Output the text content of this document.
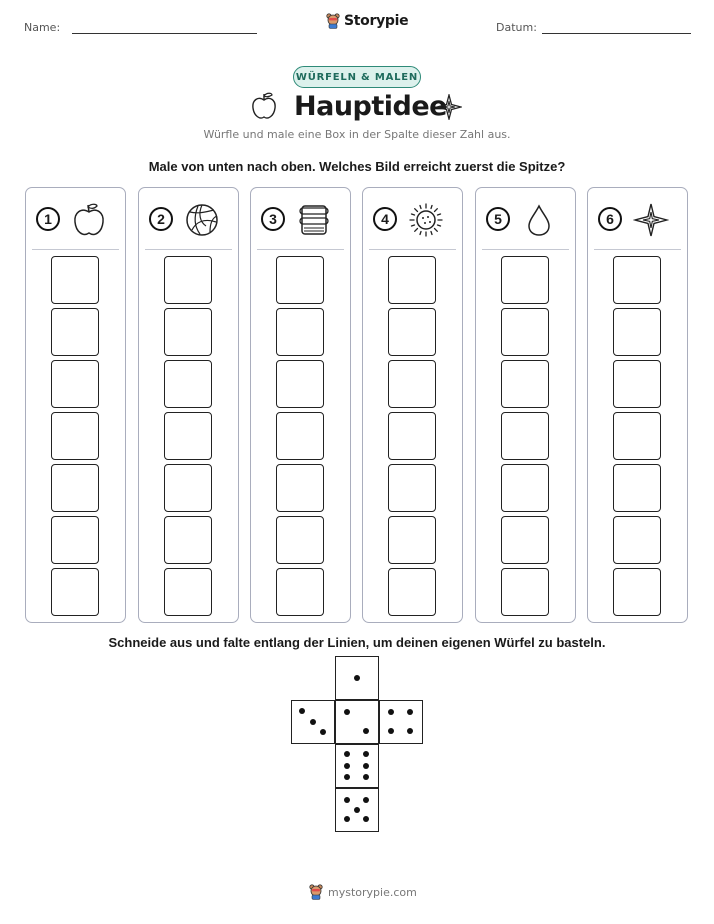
Name:	Storypie	Datum:
WÜRFELN & MALEN
Hauptidee
Würfle und male eine Box in der Spalte dieser Zahl aus.
Male von unten nach oben. Welches Bild erreicht zuerst die Spitze?
1	2	3	4	5	6
Schneide aus und falte entlang der Linien, um deinen eigenen Würfel zu basteln.
mystorypie.com
